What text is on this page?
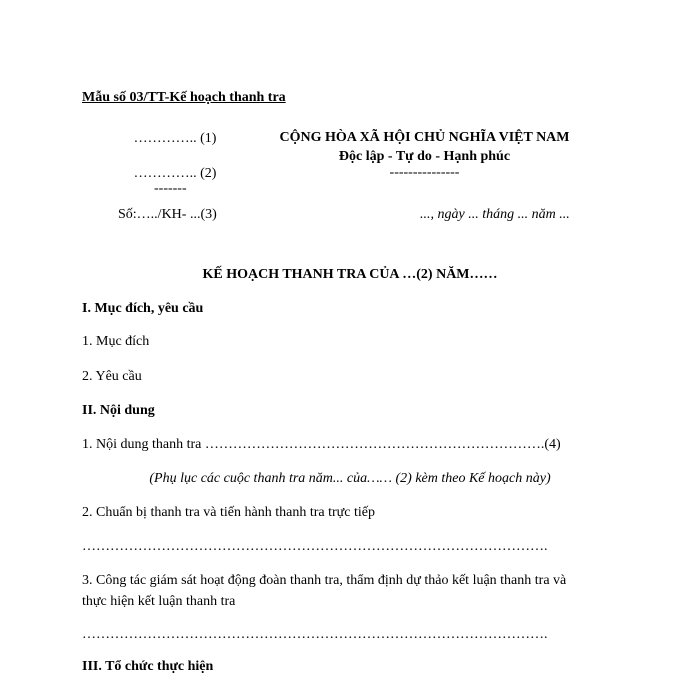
Mẫu số 03/TT-Kế hoạch thanh tra
………….. (1)
………….. (2)
-------
Số:…../KH- ...(3)
CỘNG HÒA XÃ HỘI CHỦ NGHĨA VIỆT NAM
Độc lập - Tự do - Hạnh phúc
---------------
..., ngày ... tháng ... năm ...
KẾ HOẠCH THANH TRA CỦA …(2) NĂM……
I. Mục đích, yêu cầu
1. Mục đích
2. Yêu cầu
II. Nội dung
1. Nội dung thanh tra ……………………………………………………………….(4)
(Phụ lục các cuộc thanh tra năm... của…… (2) kèm theo Kế hoạch này)
2. Chuẩn bị thanh tra và tiến hành thanh tra trực tiếp
……………………………………………………………………………………….
3. Công tác giám sát hoạt động đoàn thanh tra, thẩm định dự thảo kết luận thanh tra và
thực hiện kết luận thanh tra
……………………………………………………………………………………….
III. Tổ chức thực hiện
